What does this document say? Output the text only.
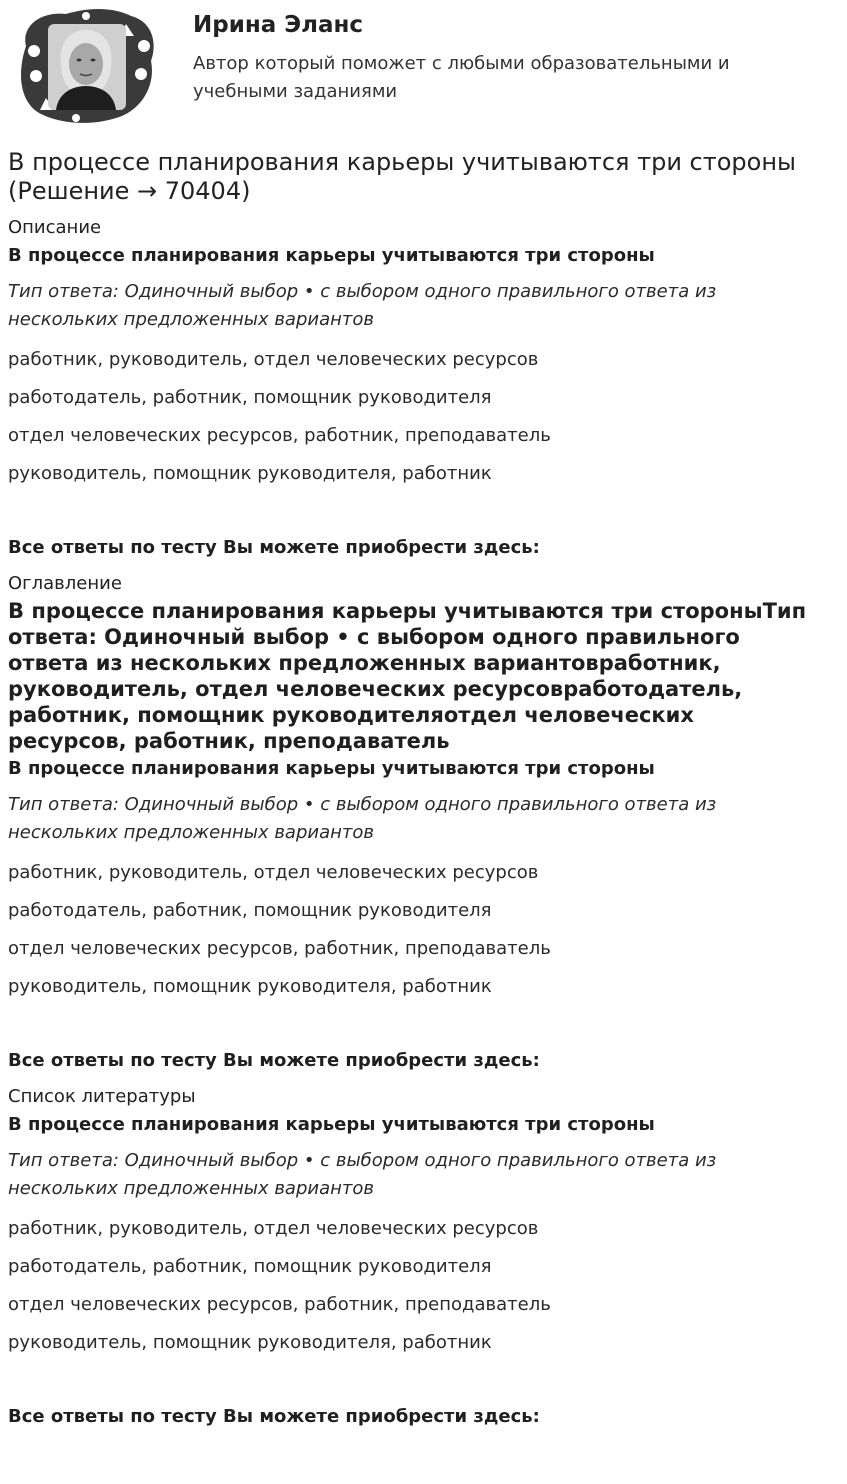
Ирина Эланс
Автор который поможет с любыми образовательными и учебными заданиями
В процессе планирования карьеры учитываются три стороны (Решение → 70404)
Описание
В процессе планирования карьеры учитываются три стороны
Тип ответа: Одиночный выбор • с выбором одного правильного ответа из нескольких предложенных вариантов
работник, руководитель, отдел человеческих ресурсов
работодатель, работник, помощник руководителя
отдел человеческих ресурсов, работник, преподаватель
руководитель, помощник руководителя, работник
Все ответы по тесту Вы можете приобрести здесь:
Оглавление
В процессе планирования карьеры учитываются три стороныТип ответа: Одиночный выбор • с выбором одного правильного ответа из нескольких предложенных вариантовработник, руководитель, отдел человеческих ресурсовработодатель, работник, помощник руководителяотдел человеческих ресурсов, работник, преподаватель
В процессе планирования карьеры учитываются три стороны
Тип ответа: Одиночный выбор • с выбором одного правильного ответа из нескольких предложенных вариантов
работник, руководитель, отдел человеческих ресурсов
работодатель, работник, помощник руководителя
отдел человеческих ресурсов, работник, преподаватель
руководитель, помощник руководителя, работник
Все ответы по тесту Вы можете приобрести здесь:
Список литературы
В процессе планирования карьеры учитываются три стороны
Тип ответа: Одиночный выбор • с выбором одного правильного ответа из нескольких предложенных вариантов
работник, руководитель, отдел человеческих ресурсов
работодатель, работник, помощник руководителя
отдел человеческих ресурсов, работник, преподаватель
руководитель, помощник руководителя, работник
Все ответы по тесту Вы можете приобрести здесь:
